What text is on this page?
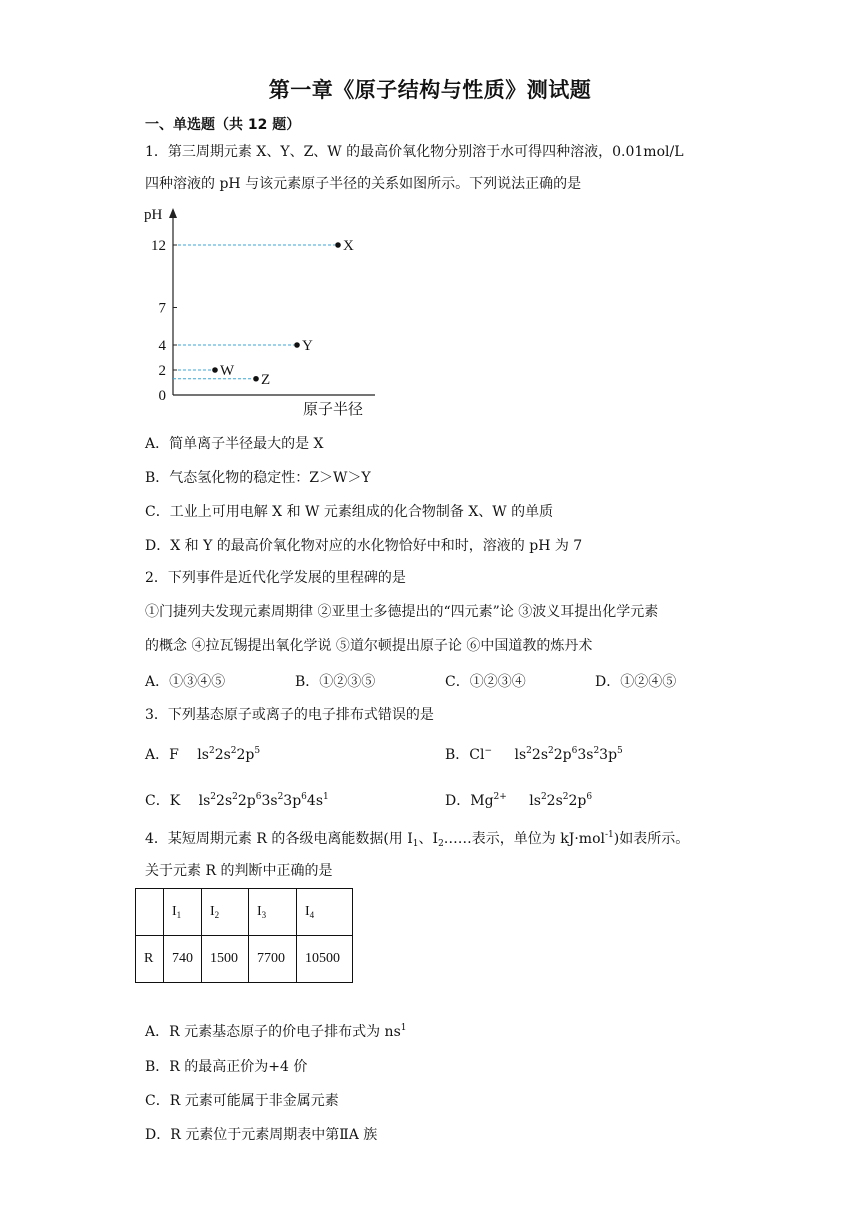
第一章《原子结构与性质》测试题
一、单选题（共 12 题）
1．第三周期元素 X、Y、Z、W 的最高价氧化物分别溶于水可得四种溶液，0.01mol/L
四种溶液的 pH 与该元素原子半径的关系如图所示。下列说法正确的是
pH
原子半径
0
2
4
7
12	X
Y
W
Z
A．简单离子半径最大的是 X
B．气态氢化物的稳定性：Z＞W＞Y
C．工业上可用电解 X 和 W 元素组成的化合物制备 X、W 的单质
D．X 和 Y 的最高价氧化物对应的水化物恰好中和时，溶液的 pH 为 7
2．下列事件是近代化学发展的里程碑的是
①门捷列夫发现元素周期律 ②亚里士多德提出的“四元素”论 ③波义耳提出化学元素
的概念 ④拉瓦锡提出氧化学说 ⑤道尔顿提出原子论 ⑥中国道教的炼丹术
A．①③④⑤	B．①②③⑤	C．①②③④	D．①②④⑤
3．下列基态原子或离子的电子排布式错误的是
A．F $ls^22s^22p^5$	B．Cl− $ls^22s^22p^63s^23p^5$
C．K $ls^22s^22p^63s^23p^64s^1$	D．$Mg^{2+}$ $ls^22s^22p^6$
4．某短周期元素 R 的各级电离能数据(用 $I_1$、$I_2\dots\dots$表示，单位为 kJ·mol$^{-1}$)如表所示。
关于元素 R 的判断中正确的是
	$I_1$	$I_2$	$I_3$	$I_4$
R	740	1500	7700	10500
A．R 元素基态原子的价电子排布式为 $ns^1$
B．R 的最高正价为+4 价
C．R 元素可能属于非金属元素
D．R 元素位于元素周期表中第ⅡA 族
